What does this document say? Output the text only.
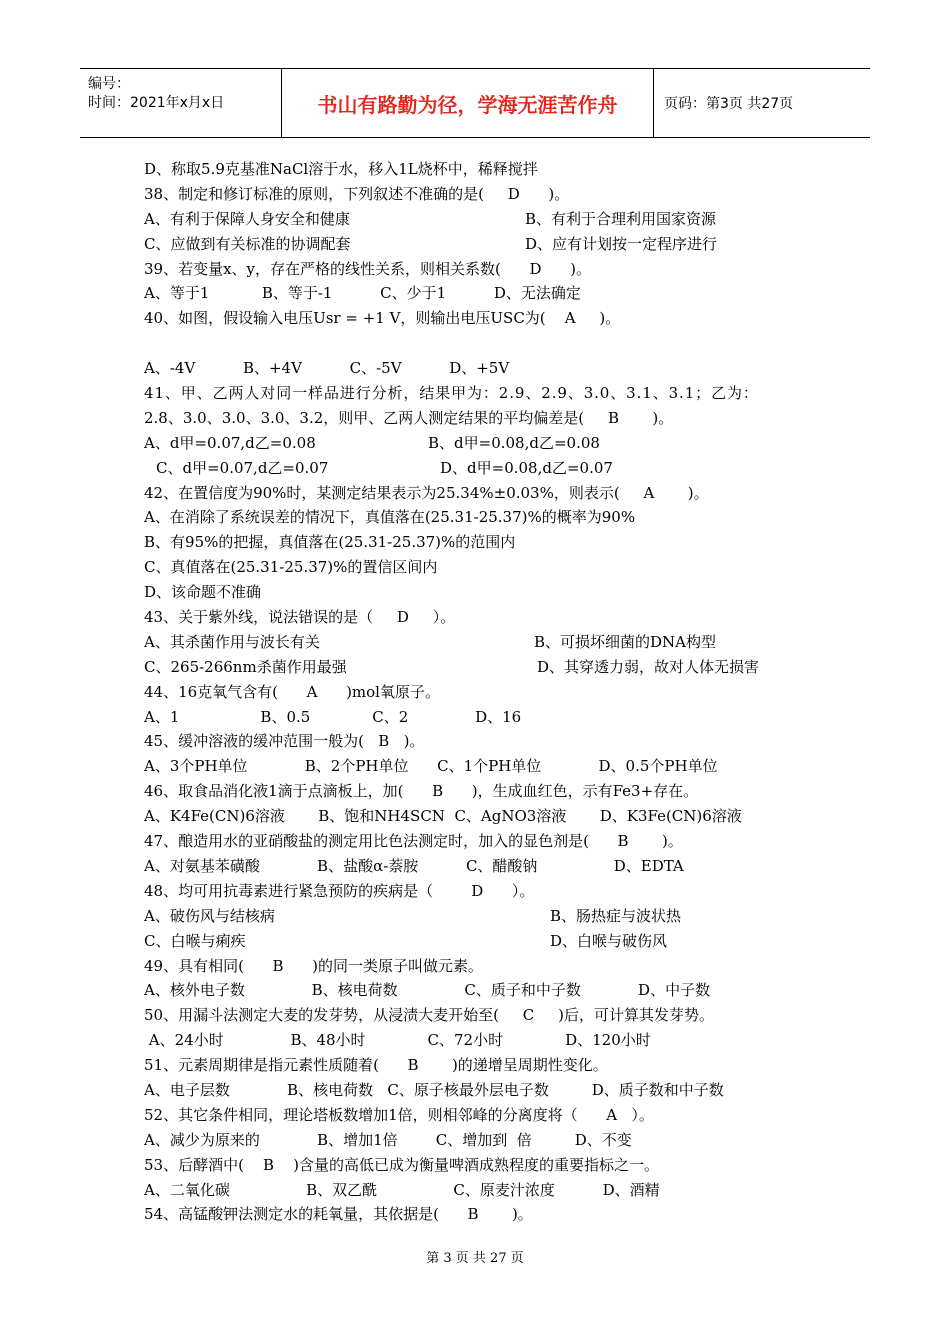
编号：
时间：2021年x月x日	书山有路勤为径，学海无涯苦作舟	页码：第3页 共27页
D、称取5.9克基准NaCl溶于水，移入1L烧杯中，稀释搅拌
38、制定和修订标准的原则，下列叙述不准确的是(     D      )。

A、有利于保障人身安全和健康

	B、有利于合理利用国家资源

C、应做到有关标准的协调配套

	D、应有计划按一定程序进行

39、若变量x、y，存在严格的线性关系，则相关系数(      D      )。
A、等于1           B、等于-1          C、少于1          D、无法确定
40、如图，假设输入电压Usr = +1 V，则输出电压USC为(    A     )。
A、-4V          B、+4V          C、-5V          D、+5V
41、甲、乙两人对同一样品进行分析，结果甲为：2.9、2.9、3.0、3.1、3.1；乙为：
2.8、3.0、3.0、3.0、3.2，则甲、乙两人测定结果的平均偏差是(     B       )。

A、d甲=0.07,d乙=0.08

	B、d甲=0.08,d乙=0.08

C、d甲=0.07,d乙=0.07

	D、d甲=0.08,d乙=0.07

42、在置信度为90%时，某测定结果表示为25.34%±0.03%，则表示(     A       )。
A、在消除了系统误差的情况下，真值落在(25.31-25.37)%的概率为90%
B、有95%的把握，真值落在(25.31-25.37)%的范围内
C、真值落在(25.31-25.37)%的置信区间内
D、该命题不准确
43、关于紫外线，说法错误的是（     D     ）。

A、其杀菌作用与波长有关

	B、可损坏细菌的DNA构型

C、265-266nm杀菌作用最强

	D、其穿透力弱，故对人体无损害

44、16克氧气含有(      A      )mol氧原子。
A、1                 B、0.5             C、2              D、16
45、缓冲溶液的缓冲范围一般为(   B   )。
A、3个PH单位            B、2个PH单位      C、1个PH单位            D、0.5个PH单位
46、取食品消化液1滴于点滴板上，加(      B      )，生成血红色，示有Fe3+存在。
A、K4Fe(CN)6溶液       B、饱和NH4SCN  C、AgNO3溶液       D、K3Fe(CN)6溶液
47、酿造用水的亚硝酸盐的测定用比色法测定时，加入的显色剂是(      B       )。
A、对氨基苯磺酸            B、盐酸α-萘胺          C、醋酸钠                D、EDTA
48、均可用抗毒素进行紧急预防的疾病是（        D      ）。

A、破伤风与结核病

	B、肠热症与波状热

C、白喉与痢疾

	D、白喉与破伤风

49、具有相同(      B      )的同一类原子叫做元素。
A、核外电子数              B、核电荷数              C、质子和中子数            D、中子数
50、用漏斗法测定大麦的发芽势，从浸渍大麦开始至(     C     )后，可计算其发芽势。
A、24小时              B、48小时             C、72小时             D、120小时
51、元素周期律是指元素性质随着(      B       )的递增呈周期性变化。
A、电子层数            B、核电荷数   C、原子核最外层电子数         D、质子数和中子数
52、其它条件相同，理论塔板数增加1倍，则相邻峰的分离度将（      A   ）。
A、减少为原来的            B、增加1倍        C、增加到  倍         D、不变
53、后酵酒中(    B    )含量的高低已成为衡量啤酒成熟程度的重要指标之一。
A、二氧化碳                B、双乙酰                C、原麦汁浓度          D、酒精
54、高锰酸钾法测定水的耗氧量，其依据是(      B       )。
第 3 页 共 27 页
